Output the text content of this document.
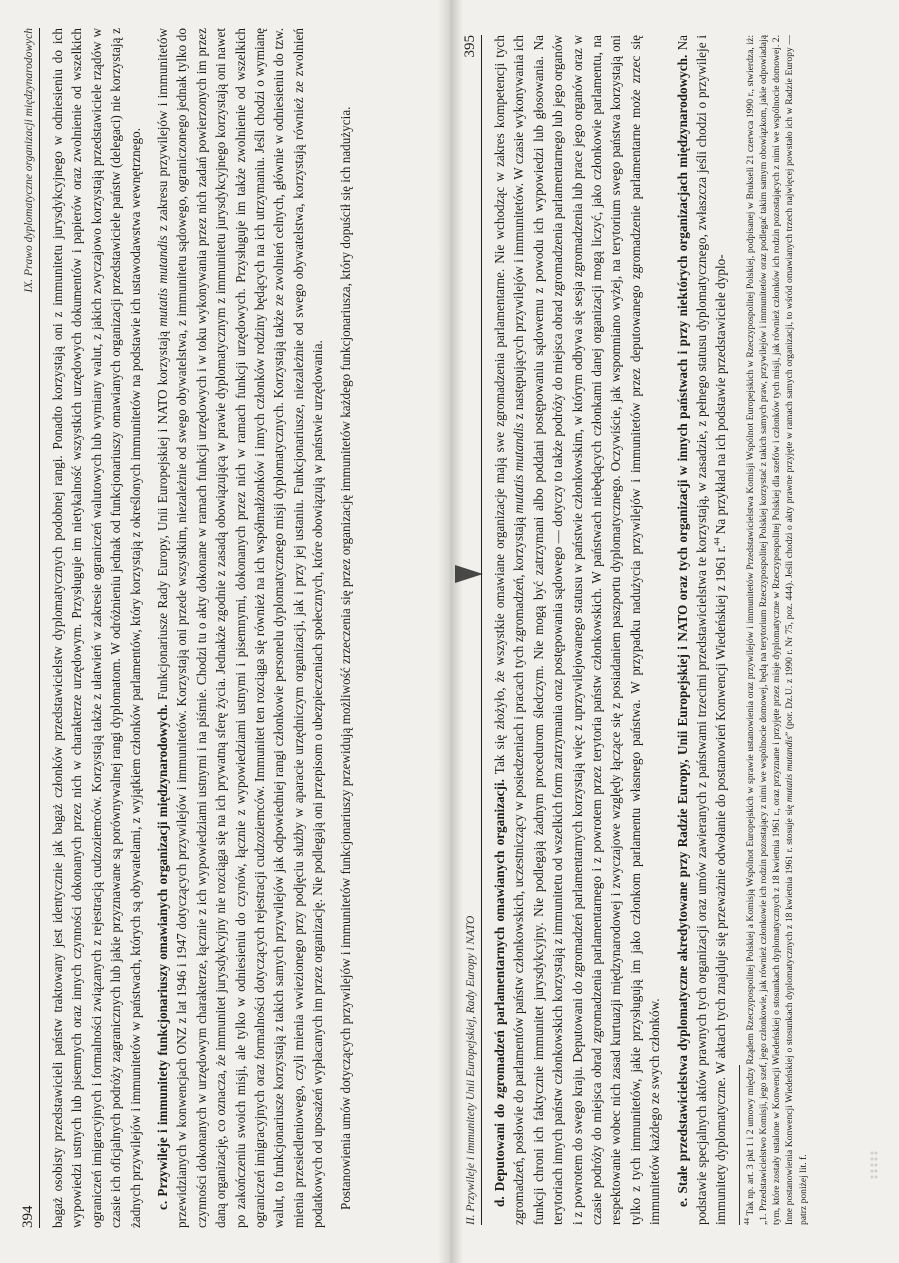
394
IX. Prawo dyplomatyczne organizacji międzynarodowych bagaż osobisty przedstawicieli państw traktowany jest identycznie jak bagaż członków przedstawicielstw dyplomatycznych podobnej rangi. Ponadto korzystają oni z immunitetu jurysdykcyjnego w odniesieniu do ich wypowiedzi ustnych lub pisemnych oraz innych czynności dokonanych przez nich w charakterze urzędowym. Przysługuje im nietykalność wszystkich urzędowych dokumentów i papierów oraz zwolnienie od wszelkich ograniczeń imigracyjnych i formalności związanych z rejestracją cudzoziemców. Korzystają także z ułatwień w zakresie ograniczeń walutowych lub wymiany walut, z jakich zwyczajowo korzystają przedstawiciele rządów w czasie ich oficjalnych podróży zagranicznych lub jakie przyznawane są porównywalnej rangi dyplomatom. W odróżnieniu jednak od funkcjonariuszy omawianych organizacji przedstawiciele państw (delegaci) nie korzystają z żadnych przywilejów i immunitetów w państwach, których są obywatelami, z wyjątkiem członków parlamentów, który korzystają z określonych immunitetów na podstawie ich ustawodawstwa wewnętrznego. c. Przywileje i immunitety funkcjonariuszy omawianych organizacji międzynarodowych. Funkcjonariusze Rady Europy, Unii Europejskiej i NATO korzystają mutatis mutandis z zakresu przywilejów i immunitetów przewidzianych w konwencjach ONZ z lat 1946 i 1947 dotyczących przywilejów i immunitetów. Korzystają oni przede wszystkim, niezależnie od swego obywatelstwa, z immunitetu sądowego, ograniczonego jednak tylko do czynności dokonanych w urzędowym charakterze, łącznie z ich wypowiedziami ustnymi i na piśmie. Chodzi tu o akty dokonane w ramach funkcji urzędowych i w toku wykonywania przez nich zadań powierzonych im przez daną organizację, co oznacza, że immunitet jurysdykcyjny nie rozciąga się na ich prywatną sferę życia. Jednakże zgodnie z zasadą obowiązującą w prawie dyplomatycznym z immunitetu jurysdykcyjnego korzystają oni nawet po zakończeniu swoich misji, ale tylko w odniesieniu do czynów, łącznie z wypowiedziami ustnymi i pisemnymi, dokonanych przez nich w ramach funkcji urzędowych. Przysługuje im także zwolnienie od wszelkich ograniczeń imigracyjnych oraz formalności dotyczących rejestracji cudzoziemców. Immunitet ten rozciąga się również na ich współmałżonków i innych członków rodziny będących na ich utrzymaniu. Jeśli chodzi o wymianę walut, to funkcjonariusze korzystają z takich samych przywilejów jak odpowiedniej rangi członkowie personelu dyplomatycznego misji dyplomatycznych. Korzystają także ze zwolnień celnych, głównie w odniesieniu do tzw. mienia przesiedleniowego, czyli mienia wwiezionego przy podjęciu służby w aparacie urzędniczym organizacji, jak i przy jej ustaniu. Funkcjonariusze, niezależnie od swego obywatelstwa, korzystają również ze zwolnień podatkowych od uposażeń wypłacanych im przez organizację. Nie podlegają oni przepisom o ubezpieczeniach społecznych, które obowiązują w państwie urzędowania. Postanowienia umów dotyczących przywilejów i immunitetów funkcjonariuszy przewidują możliwość zrzeczenia się przez organizację immunitetów każdego funkcjonariusza, który dopuścił się ich nadużycia.	II. Przywileje i immunitety Unii Europejskiej, Rady Europy i NATO
395

d. Deputowani do zgromadzeń parlamentarnych omawianych organizacji. Tak się złożyło, że wszystkie omawiane organizacje mają swe zgromadzenia parlamentarne. Nie wchodząc w zakres kompetencji tych zgromadzeń, posłowie do parlamentów państw członkowskich, uczestniczący w posiedzeniach i pracach tych zgromadzeń, korzystają mutatis mutandis z następujących przywilejów i immunitetów. W czasie wykonywania ich funkcji chroni ich faktycznie immunitet jurysdykcyjny. Nie podlegają żadnym procedurom śledczym. Nie mogą być zatrzymani albo poddani postępowaniu sądowemu z powodu ich wypowiedzi lub głosowania. Na terytoriach innych państw członkowskich korzystają z immunitetu od wszelkich form zatrzymania oraz postępowania sądowego — dotyczy to także podróży do miejsca obrad zgromadzenia parlamentarnego lub jego organów i z powrotem do swego kraju. Deputowani do zgromadzeń parlamentarnych korzystają więc z uprzywilejowanego statusu w państwie członkowskim, w którym odbywa się sesja zgromadzenia lub prace jego organów oraz w czasie podróży do miejsca obrad zgromadzenia parlamentarnego i z powrotem przez terytoria państw członkowskich. W państwach niebędących członkami danej organizacji mogą liczyć, jako członkowie parlamentu, na respektowanie wobec nich zasad kurtuazji międzynarodowej i zwyczajowe względy łączące się z posiadaniem paszportu dyplomatycznego. Oczywiście, jak wspomniano wyżej, na terytorium swego państwa korzystają oni tylko z tych immunitetów, jakie przysługują im jako członkom parlamentu własnego państwa. W przypadku nadużycia przywilejów i immunitetów przez deputowanego zgromadzenie parlamentarne może zrzec się immunitetów każdego ze swych członków. e. Stałe przedstawicielstwa dyplomatyczne akredytowane przy Radzie Europy, Unii Europejskiej i NATO oraz tych organizacji w innych państwach i przy niektórych organizacjach międzynarodowych. Na podstawie specjalnych aktów prawnych tych organizacji oraz umów zawieranych z państwami trzecimi przedstawicielstwa te korzystają, w zasadzie, z pełnego statusu dyplomatycznego, zwłaszcza jeśli chodzi o przywileje i immunitety dyplomatyczne. W aktach tych znajduje się przeważnie odwołanie do postanowień Konwencji Wiedeńskiej z 1961 r.$^{44}$ Na przykład na ich podstawie przedstawiciele dyplo-

$^{44}$ Tak np. art. 3 pkt 1 i 2 umowy między Rządem Rzeczypospolitej Polskiej a Komisją Wspólnot Europejskich w sprawie ustanowienia oraz przywilejów i immunitetów Przedstawicielstwa Komisji Wspólnot Europejskich w Rzeczypospolitej Polskiej, podpisanej w Brukseli 21 czerwca 1990 r., stwierdza, iż: „1. Przedstawicielstwo Komisji, jego szef, jego członkowie, jak również członkowie ich rodzin pozostający z nimi we wspólnocie domowej, będą na terytorium Rzeczypospolitej Polskiej korzystać z takich samych praw, przywilejów i immunitetów oraz podlegać takim samym obowiązkom, jakie odpowiadają tym, które zostały ustalone w Konwencji Wiedeńskiej o stosunkach dyplomatycznych z 18 kwietnia 1961 r., oraz przyznane i przyjęte przez misje dyplomatyczne w Rzeczypospolitej Polskiej dla szefów i członków tych misji, jak również członków ich rodzin pozostających z nimi we wspólnocie domowej. 2. Inne postanowienia Konwencji Wiedeńskiej o stosunkach dyplomatycznych z 18 kwietnia 1961 r. stosuje się mutatis mutandis” (por. Dz.U. z 1990 r. Nr 75, poz. 444). Jeśli chodzi o akty prawne przyjęte w ramach samych organizacji, to wśród omawianych trzech najwięcej powstało ich w Radzie Europy — patrz poniżej lit. f.
